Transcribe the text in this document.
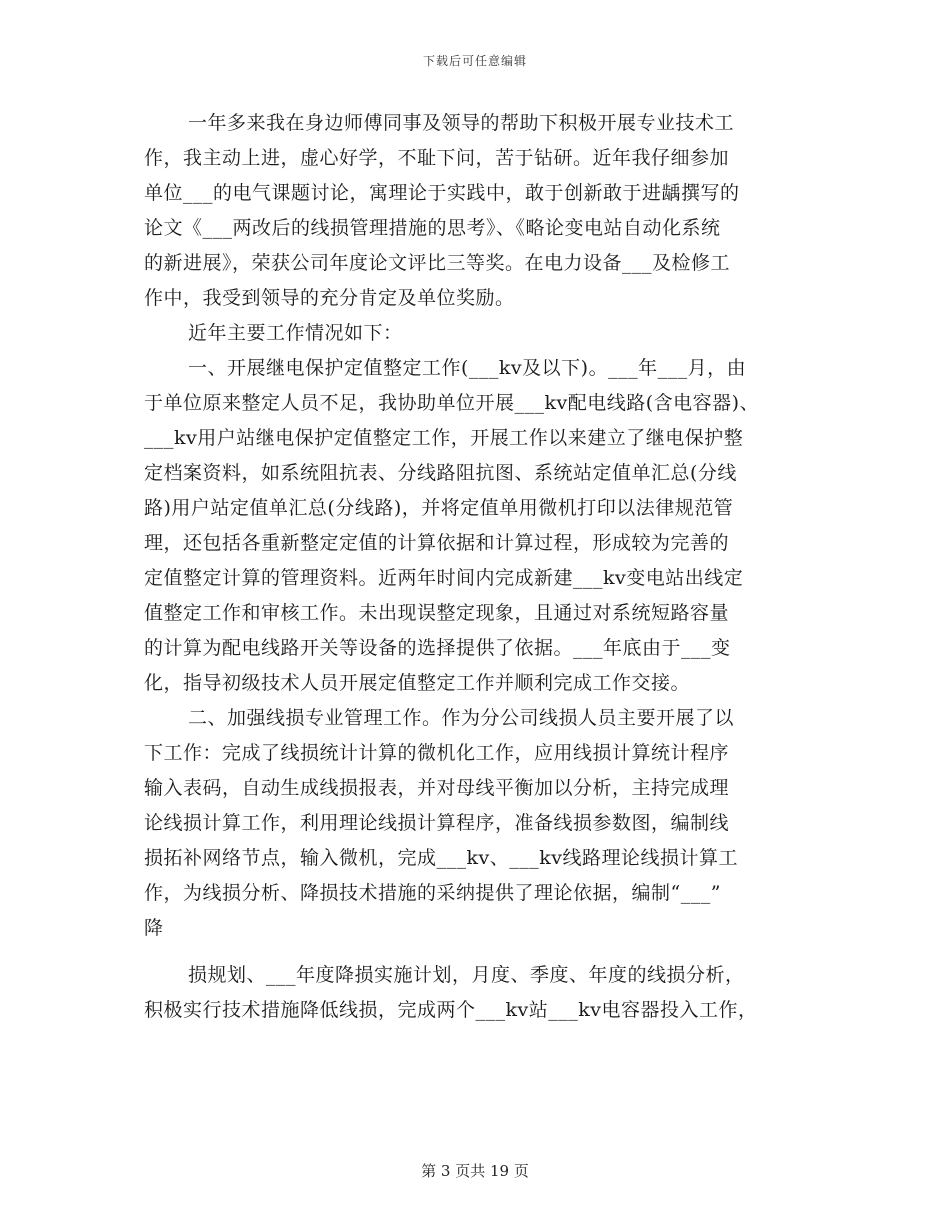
下载后可任意编辑
一年多来我在身边师傅同事及领导的帮助下积极开展专业技术工
作，我主动上进，虚心好学，不耻下问，苦于钻研。近年我仔细参加
单位___的电气课题讨论，寓理论于实践中，敢于创新敢于进龋撰写的
论文《___两改后的线损管理措施的思考》、《略论变电站自动化系统
的新进展》，荣获公司年度论文评比三等奖。在电力设备___及检修工
作中，我受到领导的充分肯定及单位奖励。
近年主要工作情况如下：
一、开展继电保护定值整定工作(___kv及以下)。___年___月，由
于单位原来整定人员不足，我协助单位开展___kv配电线路(含电容器)、
___kv用户站继电保护定值整定工作，开展工作以来建立了继电保护整
定档案资料，如系统阻抗表、分线路阻抗图、系统站定值单汇总(分线
路)用户站定值单汇总(分线路)，并将定值单用微机打印以法律规范管
理，还包括各重新整定定值的计算依据和计算过程，形成较为完善的
定值整定计算的管理资料。近两年时间内完成新建___kv变电站出线定
值整定工作和审核工作。未出现误整定现象，且通过对系统短路容量
的计算为配电线路开关等设备的选择提供了依据。___年底由于___变
化，指导初级技术人员开展定值整定工作并顺利完成工作交接。
二、加强线损专业管理工作。作为分公司线损人员主要开展了以
下工作：完成了线损统计计算的微机化工作，应用线损计算统计程序
输入表码，自动生成线损报表，并对母线平衡加以分析，主持完成理
论线损计算工作，利用理论线损计算程序，准备线损参数图，编制线
损拓补网络节点，输入微机，完成___kv、___kv线路理论线损计算工
作，为线损分析、降损技术措施的采纳提供了理论依据，编制“___”
降
损规划、___年度降损实施计划，月度、季度、年度的线损分析，
积极实行技术措施降低线损，完成两个___kv站___kv电容器投入工作，
第 3 页共 19 页
